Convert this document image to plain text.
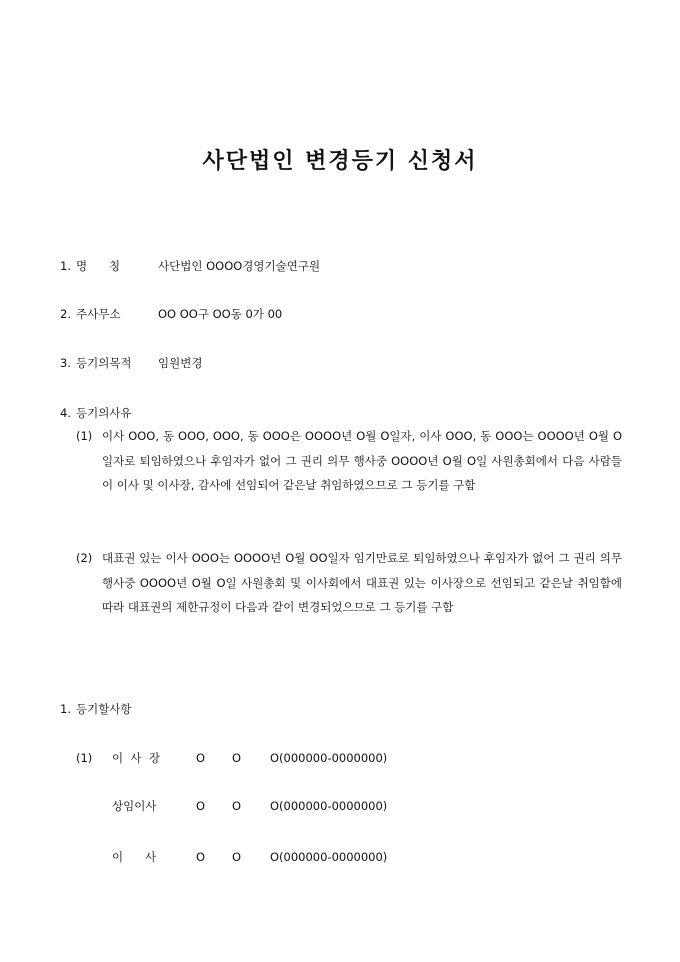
사단법인 변경등기 신청서
1. 명      칭	사단법인 OOOO경영기술연구원
2. 주사무소	OO OO구 OO동 0가 00
3. 등기의목적 임원변경
4. 등기의사유
(1) 이사 OOO, 동 OOO, OOO, 동 OOO은 OOOO년 O월 O일자, 이사 OOO, 동 OOO는 OOOO년 O월 O일자로 퇴임하였으나 후임자가 없어 그 권리 의무 행사중 OOOO년 O월 O일 사원총회에서 다음 사람들이 이사 및 이사장, 감사에 선임되어 같은날 취임하였으므로 그 등기를 구함
(2) 대표권 있는 이사 OOO는 OOOO년 O월 OO일자 임기만료로 퇴임하였으나 후임자가 없어 그 권리 의무 행사중 OOOO년 O월 O일 사원총회 및 이사회에서 대표권 있는 이사장으로 선임되고 같은날 취임함에 따라 대표권의 제한규정이 다음과 같이 변경되었으므로 그 등기를 구함
1. 등기할사항
(1) 이  사  장	O O	O(000000-0000000)
상임이사	O O	O(000000-0000000)
이      사	O O	O(000000-0000000)
